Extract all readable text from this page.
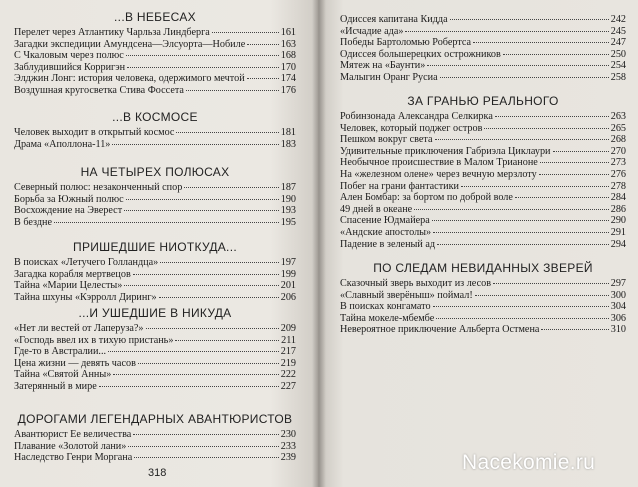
...В НЕБЕСАХ
Перелет через Атлантику Чарльза Линдберга	161
Загадки экспедиции Амундсена—Элсуорта—Нобиле	163
С Чкаловым через полюс	168
Заблудившийся Корригэн	170
Элджин Лонг: история человека, одержимого мечтой	174
Воздушная кругосветка Стива Фоссета	176
...В КОСМОСЕ
Человек выходит в открытый космос	181
Драма «Аполлона-11»	183
НА ЧЕТЫРЕХ ПОЛЮСАХ
Северный полюс: незаконченный спор	187
Борьба за Южный полюс	190
Восхождение на Эверест	193
В бездне	195
ПРИШЕДШИЕ НИОТКУДА...
В поисках «Летучего Голландца»	197
Загадка корабля мертвецов	199
Тайна «Марии Целесты»	201
Тайна шхуны «Кэрролл Диринг»	206
...И УШЕДШИЕ В НИКУДА
«Нет ли вестей от Лаперуза?»	209
«Господь ввел их в тихую пристань»	211
Где-то в Австралии...	217
Цена жизни — девять часов	219
Тайна «Святой Анны»	222
Затерянный в мире	227
ДОРОГАМИ ЛЕГЕНДАРНЫХ АВАНТЮРИСТОВ
Авантюрист Ее величества	230
Плавание «Золотой лани»	233
Наследство Генри Моргана	239
318
Одиссея капитана Кидда	242
«Исчадие ада»	245
Победы Бартоломью Робертса	247
Одиссея большерецких острожников	250
Мятеж на «Баунти»	254
Малыгин Оранг Русиа	258
ЗА ГРАНЬЮ РЕАЛЬНОГО
Робинзонада Александра Селкирка	263
Человек, который поджег остров	265
Пешком вокруг света	268
Удивительные приключения Габриэла Циклаури	270
Необычное происшествие в Малом Трианоне	273
На «железном олене» через вечную мерзлоту	276
Побег на грани фантастики	278
Ален Бомбар: за бортом по доброй воле	284
49 дней в океане	286
Спасение Юдмайера	290
«Андские апостолы»	291
Падение в зеленый ад	294
ПО СЛЕДАМ НЕВИДАННЫХ ЗВЕРЕЙ
Сказочный зверь выходит из лесов	297
«Славный зверёныш» поймал!	300
В поисках конгамато	304
Тайна мокеле-мбембе	306
Невероятное приключение Альберта Остмена	310
Nacekomie.ru
